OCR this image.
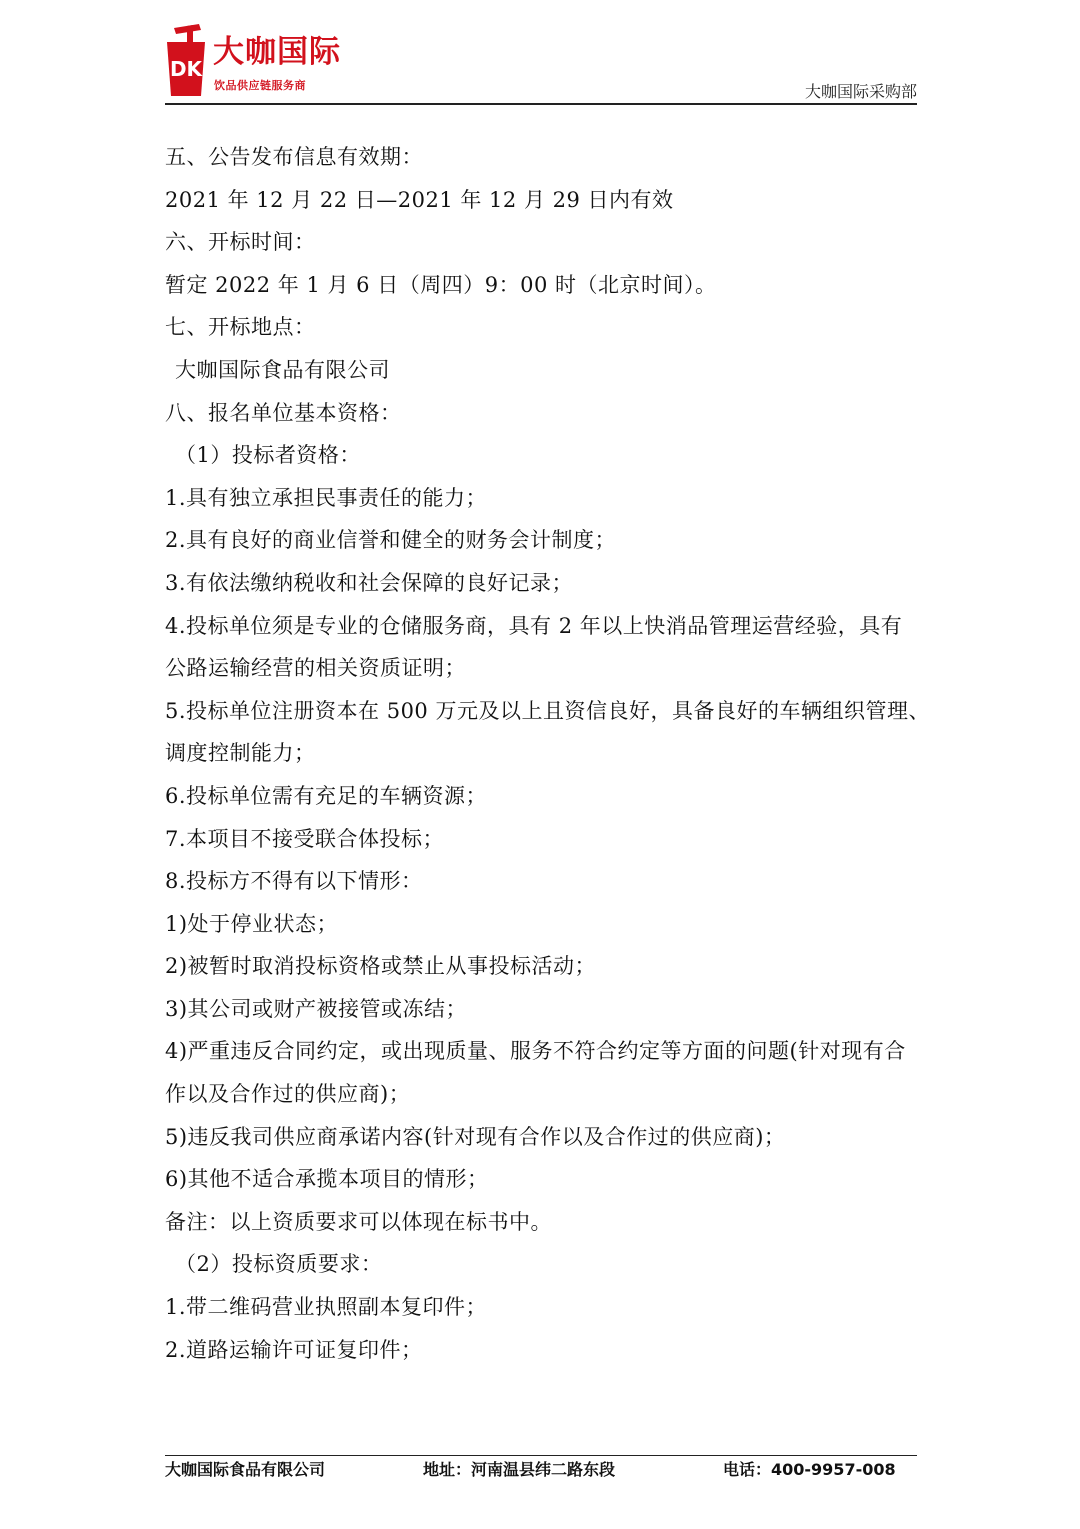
DK 大咖国际
饮品供应链服务商	大咖国际采购部
五、公告发布信息有效期：
2021 年 12 月 22 日—2021 年 12 月 29 日内有效
六、开标时间：
暂定 2022 年 1 月 6 日（周四）9：00 时（北京时间）。
七、开标地点：
大咖国际食品有限公司
八、报名单位基本资格：
（1）投标者资格：
1.具有独立承担民事责任的能力；
2.具有良好的商业信誉和健全的财务会计制度；
3.有依法缴纳税收和社会保障的良好记录；
4.投标单位须是专业的仓储服务商，具有 2 年以上快消品管理运营经验，具有
公路运输经营的相关资质证明；
5.投标单位注册资本在 500 万元及以上且资信良好，具备良好的车辆组织管理、
调度控制能力；
6.投标单位需有充足的车辆资源；
7.本项目不接受联合体投标；
8.投标方不得有以下情形：
1)处于停业状态；
2)被暂时取消投标资格或禁止从事投标活动；
3)其公司或财产被接管或冻结；
4)严重违反合同约定，或出现质量、服务不符合约定等方面的问题(针对现有合
作以及合作过的供应商)；
5)违反我司供应商承诺内容(针对现有合作以及合作过的供应商)；
6)其他不适合承揽本项目的情形；
备注：以上资质要求可以体现在标书中。
（2）投标资质要求：
1.带二维码营业执照副本复印件；
2.道路运输许可证复印件；
大咖国际食品有限公司	地址：河南温县纬二路东段	电话：400-9957-008
